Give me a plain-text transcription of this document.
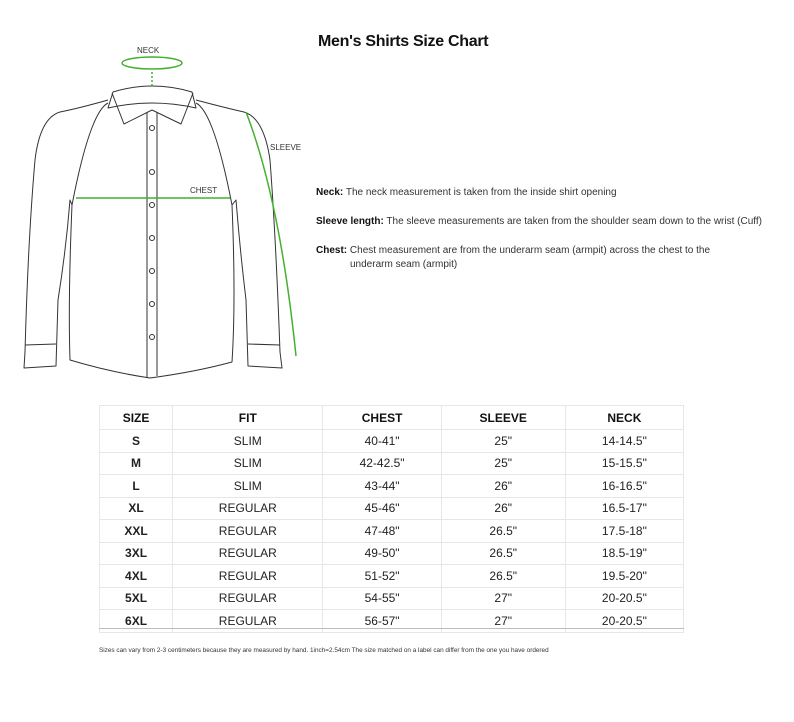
Men's Shirts Size Chart
NECK
SLEEVE
CHEST	Neck: The neck measurement is taken from the inside shirt opening
Sleeve length: The sleeve measurements are taken from the shoulder seam down to the wrist (Cuff)
Chest: Chest measurement are from the underarm seam (armpit) across the chest to the
underarm seam (armpit)
SIZE	FIT	CHEST	SLEEVE	NECK
S	SLIM	40-41"	25"	14-14.5"
M	SLIM	42-42.5"	25"	15-15.5"
L	SLIM	43-44"	26"	16-16.5"
XL	REGULAR	45-46"	26"	16.5-17"
XXL	REGULAR	47-48"	26.5"	17.5-18"
3XL	REGULAR	49-50"	26.5"	18.5-19"
4XL	REGULAR	51-52"	26.5"	19.5-20"
5XL	REGULAR	54-55"	27"	20-20.5"
6XL	REGULAR	56-57"	27"	20-20.5"
Sizes can vary from 2-3 centimeters because they are measured by hand. 1inch=2.54cm The size matched on a label can differ from the one you have ordered
